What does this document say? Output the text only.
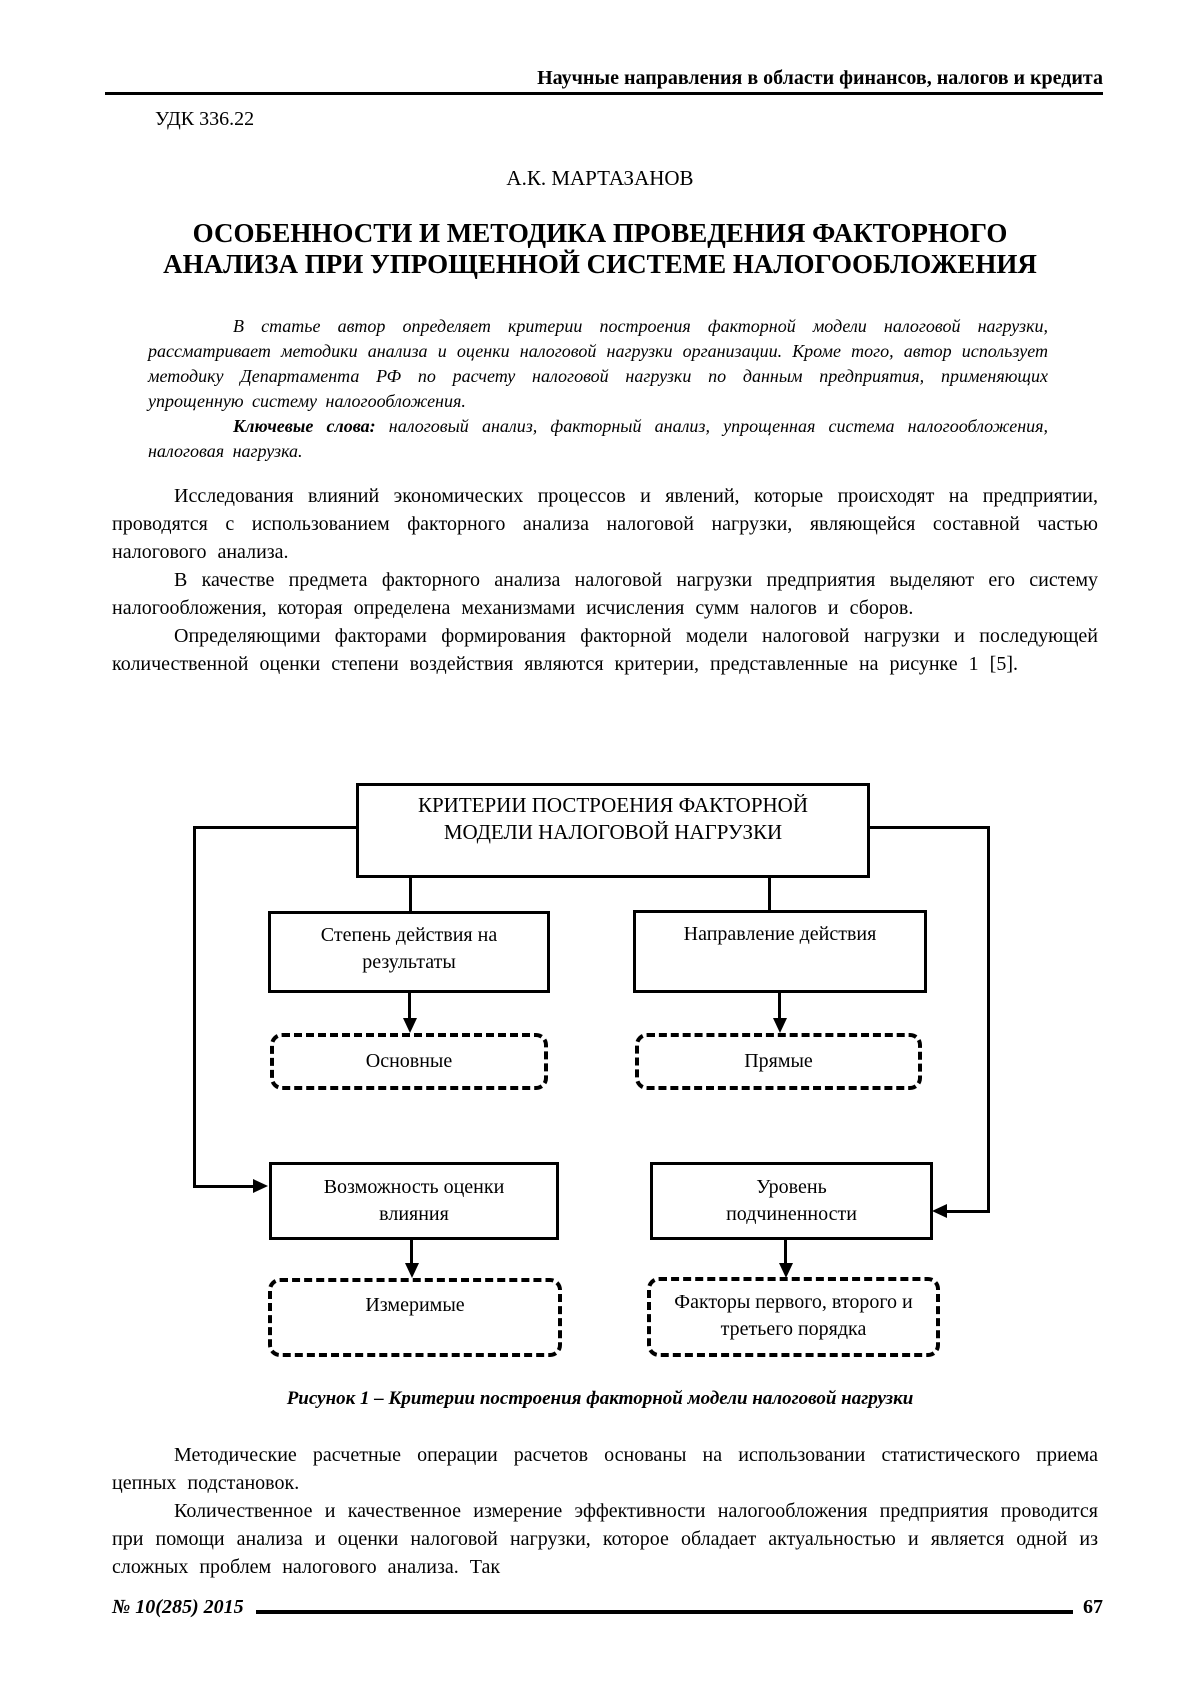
Научные направления в области финансов, налогов и кредита
УДК 336.22
А.К. МАРТАЗАНОВ
ОСОБЕННОСТИ И МЕТОДИКА ПРОВЕДЕНИЯ ФАКТОРНОГО
АНАЛИЗА ПРИ УПРОЩЕННОЙ СИСТЕМЕ НАЛОГООБЛОЖЕНИЯ

В статье автор определяет критерии построения факторной модели налоговой нагрузки, рассматривает методики анализа и оценки налоговой нагрузки организации. Кроме того, автор использует методику Департамента РФ по расчету налоговой нагрузки по данным предприятия, применяющих упрощенную систему налогообложения.

Ключевые слова: налоговый анализ, факторный анализ, упрощенная система налогообложения, налоговая нагрузка.

Исследования влияний экономических процессов и явлений, которые происходят на предприятии, проводятся с использованием факторного анализа налоговой нагрузки, являющейся составной частью налогового анализа.

В качестве предмета факторного анализа налоговой нагрузки предприятия выделяют его систему налогообложения, которая определена механизмами исчисления сумм налогов и сборов.

Определяющими факторами формирования факторной модели налоговой нагрузки и последующей количественной оценки степени воздействия являются критерии, представленные на рисунке 1 [5].

КРИТЕРИИ ПОСТРОЕНИЯ ФАКТОРНОЙ МОДЕЛИ НАЛОГОВОЙ НАГРУЗКИ
Степень действия на результаты
Направление действия
Основные	Прямые
Возможность оценки влияния
Уровень подчиненности
Измеримые	Факторы первого, второго и третьего порядка
Рисунок 1 – Критерии построения факторной модели налоговой нагрузки

Методические расчетные операции расчетов основаны на использовании статистического приема цепных подстановок.

Количественное и качественное измерение эффективности налогообложения предприятия проводится при помощи анализа и оценки налоговой нагрузки, которое обладает актуальностью и является одной из сложных проблем налогового анализа. Так

№ 10(285) 2015	67
